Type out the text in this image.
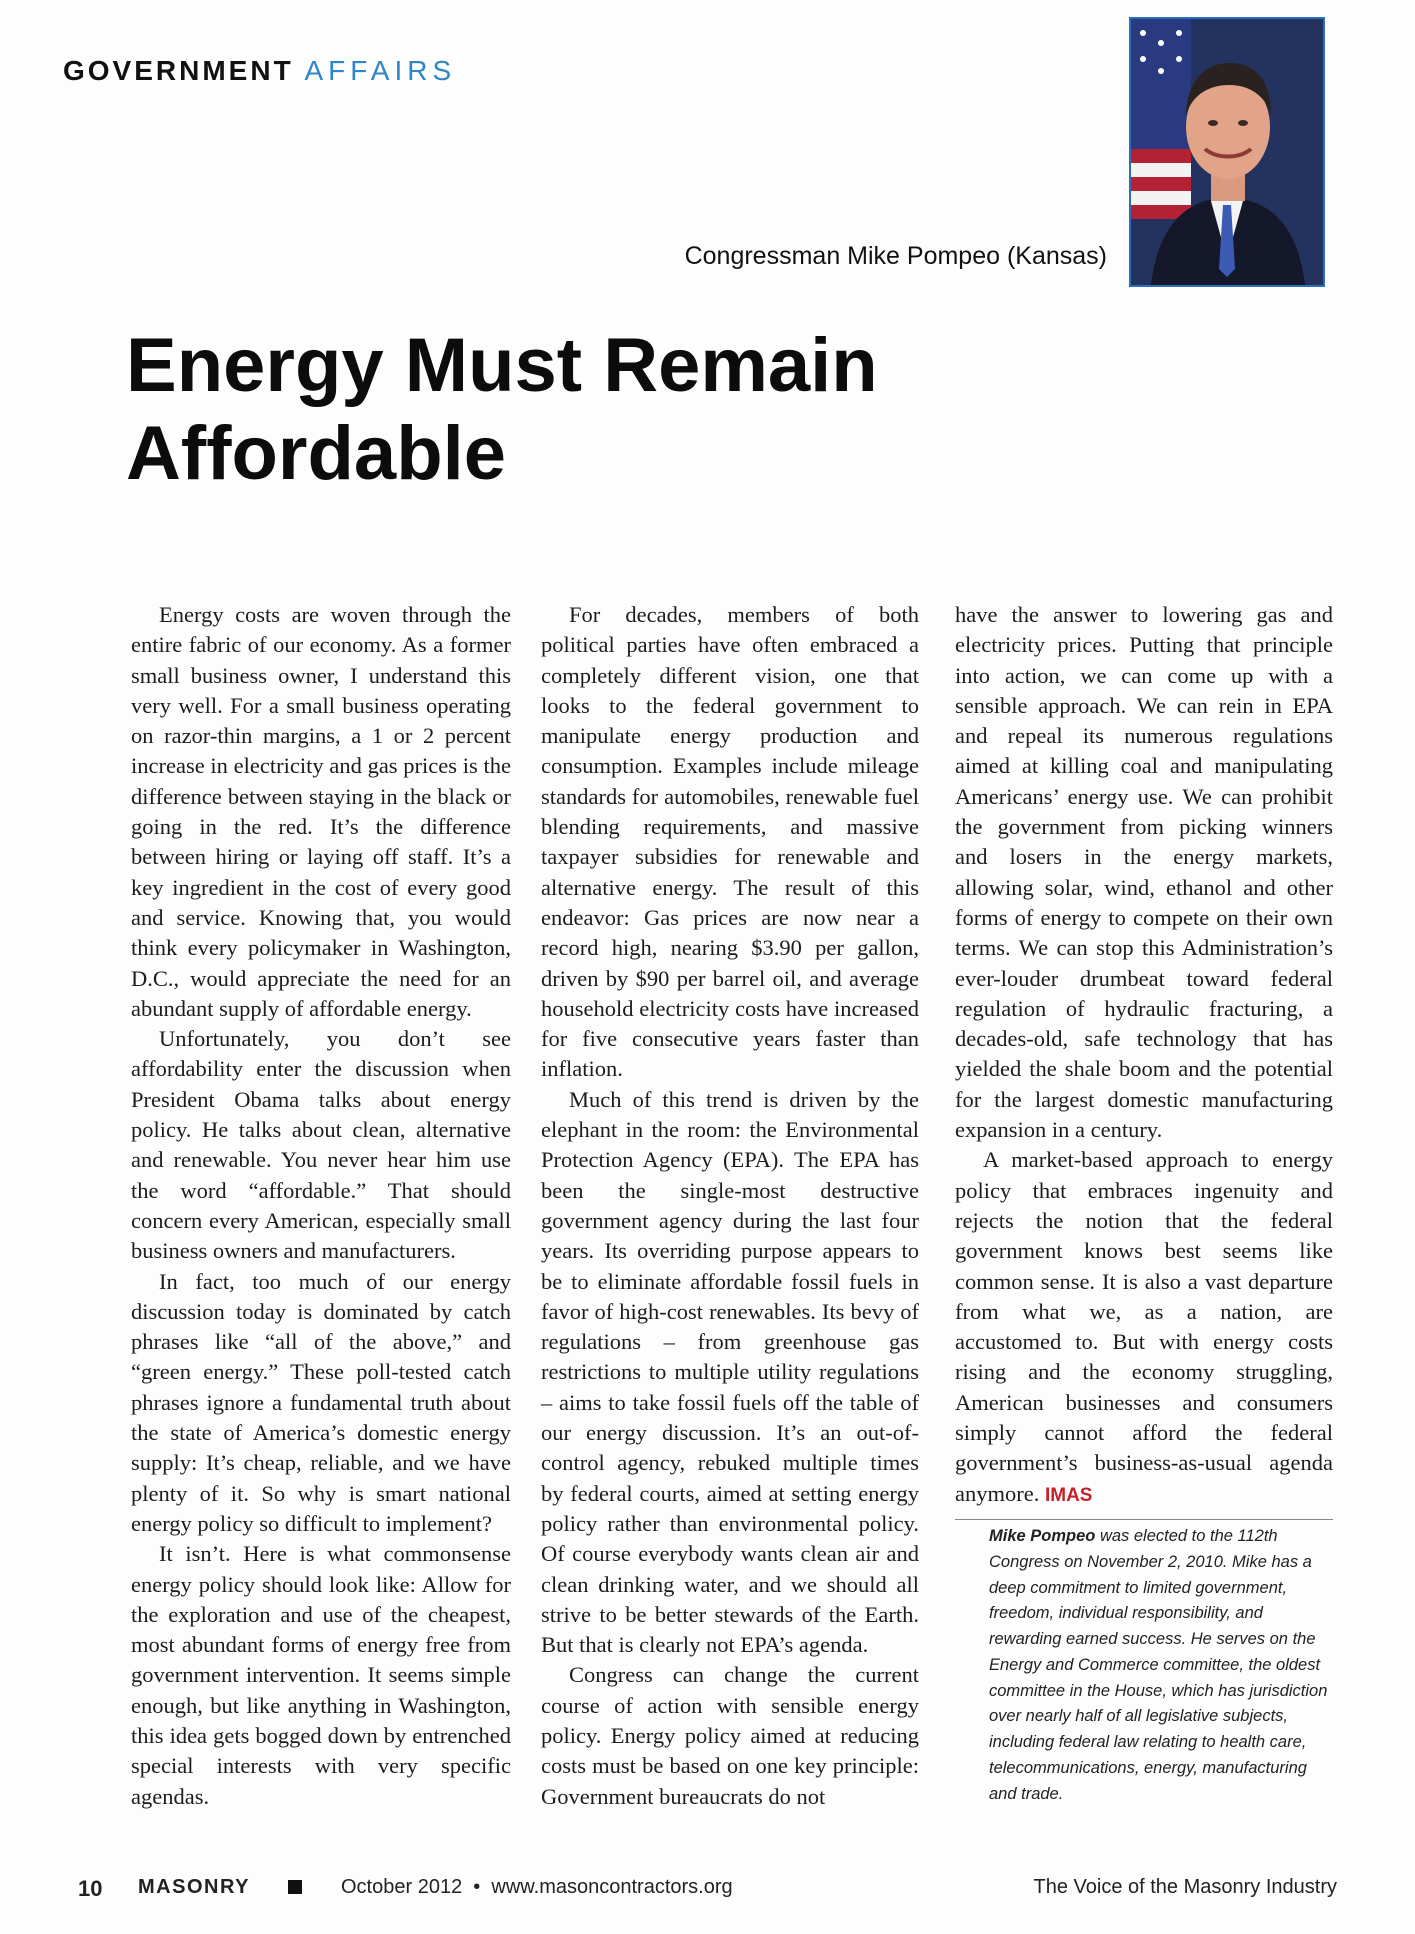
GOVERNMENT AFFAIRS
Congressman Mike Pompeo (Kansas)
Energy Must Remain
Affordable

Energy costs are woven through the entire fabric of our economy. As a former small business owner, I understand this very well. For a small business operating on razor-thin margins, a 1 or 2 percent increase in electricity and gas prices is the difference between staying in the black or going in the red. It’s the difference between hiring or laying off staff. It’s a key ingredient in the cost of every good and service. Knowing that, you would think every policymaker in Washington, D.C., would appreciate the need for an abundant supply of affordable energy.

Unfortunately, you don’t see affordability enter the discussion when President Obama talks about energy policy. He talks about clean, alternative and renewable. You never hear him use the word “affordable.” That should concern every American, especially small business owners and manufacturers.

In fact, too much of our energy discussion today is dominated by catch phrases like “all of the above,” and “green energy.” These poll-tested catch phrases ignore a fundamental truth about the state of America’s domestic energy supply: It’s cheap, reliable, and we have plenty of it. So why is smart national energy policy so difficult to implement?

It isn’t. Here is what commonsense energy policy should look like: Allow for the exploration and use of the cheapest, most abundant forms of energy free from government intervention. It seems simple enough, but like anything in Washington, this idea gets bogged down by entrenched special interests with very specific agendas.

For decades, members of both political parties have often embraced a completely different vision, one that looks to the federal government to manipulate energy production and consumption. Examples include mileage standards for automobiles, renewable fuel blending requirements, and massive taxpayer subsidies for renewable and alternative energy. The result of this endeavor: Gas prices are now near a record high, nearing $3.90 per gallon, driven by $90 per barrel oil, and average household electricity costs have increased for five consecutive years faster than inflation.

Much of this trend is driven by the elephant in the room: the Environmental Protection Agency (EPA). The EPA has been the single-most destructive government agency during the last four years. Its overriding purpose appears to be to eliminate affordable fossil fuels in favor of high-cost renewables. Its bevy of regulations – from greenhouse gas restrictions to multiple utility regulations – aims to take fossil fuels off the table of our energy discussion. It’s an out-of-control agency, rebuked multiple times by federal courts, aimed at setting energy policy rather than environmental policy. Of course everybody wants clean air and clean drinking water, and we should all strive to be better stewards of the Earth. But that is clearly not EPA’s agenda.

Congress can change the current course of action with sensible energy policy. Energy policy aimed at reducing costs must be based on one key principle: Government bureaucrats do not

have the answer to lowering gas and electricity prices. Putting that principle into action, we can come up with a sensible approach. We can rein in EPA and repeal its numerous regulations aimed at killing coal and manipulating Americans’ energy use. We can prohibit the government from picking winners and losers in the energy markets, allowing solar, wind, ethanol and other forms of energy to compete on their own terms. We can stop this Administration’s ever-louder drumbeat toward federal regulation of hydraulic fracturing, a decades-old, safe technology that has yielded the shale boom and the potential for the largest domestic manufacturing expansion in a century.

A market-based approach to energy policy that embraces ingenuity and rejects the notion that the federal government knows best seems like common sense. It is also a vast departure from what we, as a nation, are accustomed to. But with energy costs rising and the economy struggling, American businesses and consumers simply cannot afford the federal government’s business-as-usual agenda anymore. IMAS

Mike Pompeo was elected to the 112th Congress on November 2, 2010. Mike has a deep commitment to limited government, freedom, individual responsibility, and rewarding earned success. He serves on the Energy and Commerce committee, the oldest committee in the House, which has jurisdiction over nearly half of all legislative subjects, including federal law relating to health care, telecommunications, energy, manufacturing and trade.
10 MASONRY	October 2012  •  www.masoncontractors.org	The Voice of the Masonry Industry
